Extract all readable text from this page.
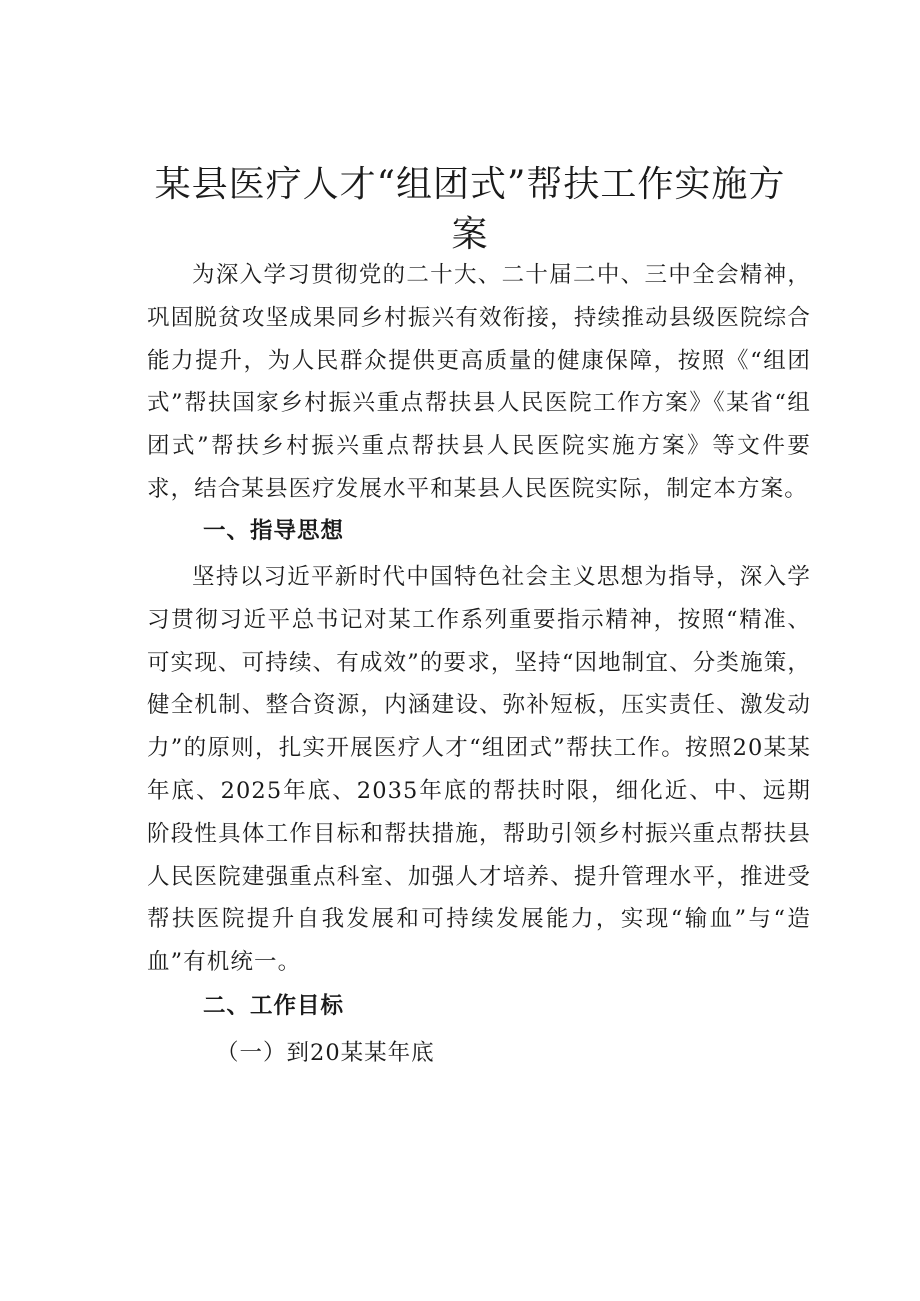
某县医疗人才“组团式”帮扶工作实施方案

为深入学习贯彻党的二十大、二十届二中、三中全会精神，巩固脱贫攻坚成果同乡村振兴有效衔接，持续推动县级医院综合能力提升，为人民群众提供更高质量的健康保障，按照《“组团式”帮扶国家乡村振兴重点帮扶县人民医院工作方案》《某省“组团式”帮扶乡村振兴重点帮扶县人民医院实施方案》等文件要求，结合某县医疗发展水平和某县人民医院实际，制定本方案。

一、指导思想

坚持以习近平新时代中国特色社会主义思想为指导，深入学习贯彻习近平总书记对某工作系列重要指示精神，按照“精准、可实现、可持续、有成效”的要求，坚持“因地制宜、分类施策，健全机制、整合资源，内涵建设、弥补短板，压实责任、激发动力”的原则，扎实开展医疗人才“组团式”帮扶工作。按照20某某年底、2025年底、2035年底的帮扶时限，细化近、中、远期阶段性具体工作目标和帮扶措施，帮助引领乡村振兴重点帮扶县人民医院建强重点科室、加强人才培养、提升管理水平，推进受帮扶医院提升自我发展和可持续发展能力，实现“输血”与“造血”有机统一。

二、工作目标

（一）到20某某年底
